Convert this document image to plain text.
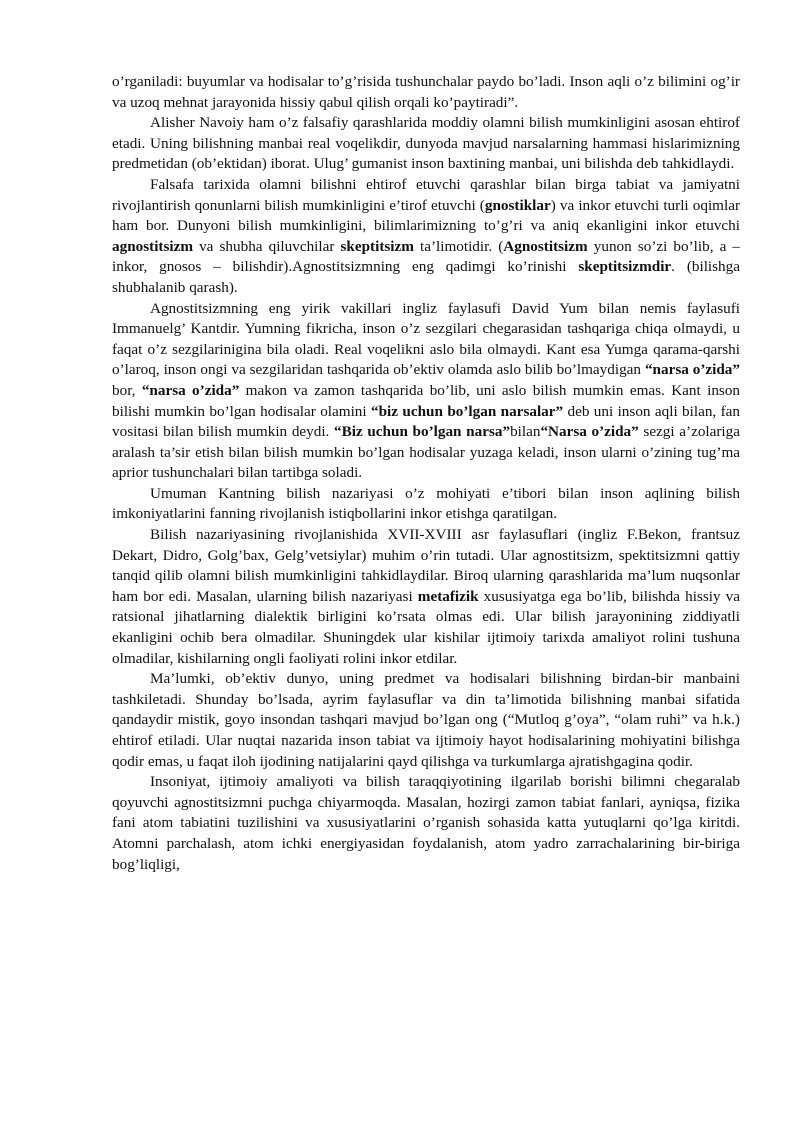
o’rganiladi: buyumlar va hodisalar to’g’risida tushunchalar paydo bo’ladi. Inson aqli o’z bilimini og’ir va uzoq mehnat jarayonida hissiy qabul qilish orqali ko’paytiradi”.

Alisher Navoiy ham o’z falsafiy qarashlarida moddiy olamni bilish mumkinligini asosan ehtirof etadi. Uning bilishning manbai real voqelikdir, dunyoda mavjud narsalarning hammasi hislarimizning predmetidan (ob’ektidan) iborat. Ulug’ gumanist inson baxtining manbai, uni bilishda deb tahkidlaydi.

Falsafa tarixida olamni bilishni ehtirof etuvchi qarashlar bilan birga tabiat va jamiyatni rivojlantirish qonunlarni bilish mumkinligini e’tirof etuvchi (gnostiklar) va inkor etuvchi turli oqimlar ham bor. Dunyoni bilish mumkinligini, bilimlarimizning to’g’ri va aniq ekanligini inkor etuvchi agnostitsizm va shubha qiluvchilar skeptitsizm ta’limotidir. (Agnostitsizm yunon so’zi bo’lib, a – inkor, gnosos – bilishdir).Agnostitsizmning eng qadimgi ko’rinishi skeptitsizmdir. (bilishga shubhalanib qarash).

Agnostitsizmning eng yirik vakillari ingliz faylasufi David Yum bilan nemis faylasufi Immanuelg’ Kantdir. Yumning fikricha, inson o’z sezgilari chegarasidan tashqariga chiqa olmaydi, u faqat o’z sezgilarinigina bila oladi. Real voqelikni aslo bila olmaydi. Kant esa Yumga qarama-qarshi o’laroq, inson ongi va sezgilaridan tashqarida ob’ektiv olamda aslo bilib bo’lmaydigan “narsa o’zida” bor, “narsa o’zida” makon va zamon tashqarida bo’lib, uni aslo bilish mumkin emas. Kant inson bilishi mumkin bo’lgan hodisalar olamini “biz uchun bo’lgan narsalar” deb uni inson aqli bilan, fan vositasi bilan bilish mumkin deydi. “Biz uchun bo’lgan narsa”bilan“Narsa o’zida” sezgi a’zolariga aralash ta’sir etish bilan bilish mumkin bo’lgan hodisalar yuzaga keladi, inson ularni o’zining tug’ma aprior tushunchalari bilan tartibga soladi.

Umuman Kantning bilish nazariyasi o’z mohiyati e’tibori bilan inson aqlining bilish imkoniyatlarini fanning rivojlanish istiqbollarini inkor etishga qaratilgan.

Bilish nazariyasining rivojlanishida XVII-XVIII asr faylasuflari (ingliz F.Bekon, frantsuz Dekart, Didro, Golg’bax, Gelg’vetsiylar) muhim o’rin tutadi. Ular agnostitsizm, spektitsizmni qattiy tanqid qilib olamni bilish mumkinligini tahkidlaydilar. Biroq ularning qarashlarida ma’lum nuqsonlar ham bor edi. Masalan, ularning bilish nazariyasi metafizik xususiyatga ega bo’lib, bilishda hissiy va ratsional jihatlarning dialektik birligini ko’rsata olmas edi. Ular bilish jarayonining ziddiyatli ekanligini ochib bera olmadilar. Shuningdek ular kishilar ijtimoiy tarixda amaliyot rolini tushuna olmadilar, kishilarning ongli faoliyati rolini inkor etdilar.

Ma’lumki, ob’ektiv dunyo, uning predmet va hodisalari bilishning birdan-bir manbaini tashkiletadi. Shunday bo’lsada, ayrim faylasuflar va din ta’limotida bilishning manbai sifatida qandaydir mistik, goyo insondan tashqari mavjud bo’lgan ong (“Mutloq g’oya”, “olam ruhi” va h.k.) ehtirof etiladi. Ular nuqtai nazarida inson tabiat va ijtimoiy hayot hodisalarining mohiyatini bilishga qodir emas, u faqat iloh ijodining natijalarini qayd qilishga va turkumlarga ajratishgagina qodir.

Insoniyat, ijtimoiy amaliyoti va bilish taraqqiyotining ilgarilab borishi bilimni chegaralab qoyuvchi agnostitsizmni puchga chiyarmoqda. Masalan, hozirgi zamon tabiat fanlari, ayniqsa, fizika fani atom tabiatini tuzilishini va xususiyatlarini o’rganish sohasida katta yutuqlarni qo’lga kiritdi. Atomni parchalash, atom ichki energiyasidan foydalanish, atom yadro zarrachalarining bir-biriga bog’liqligi,
